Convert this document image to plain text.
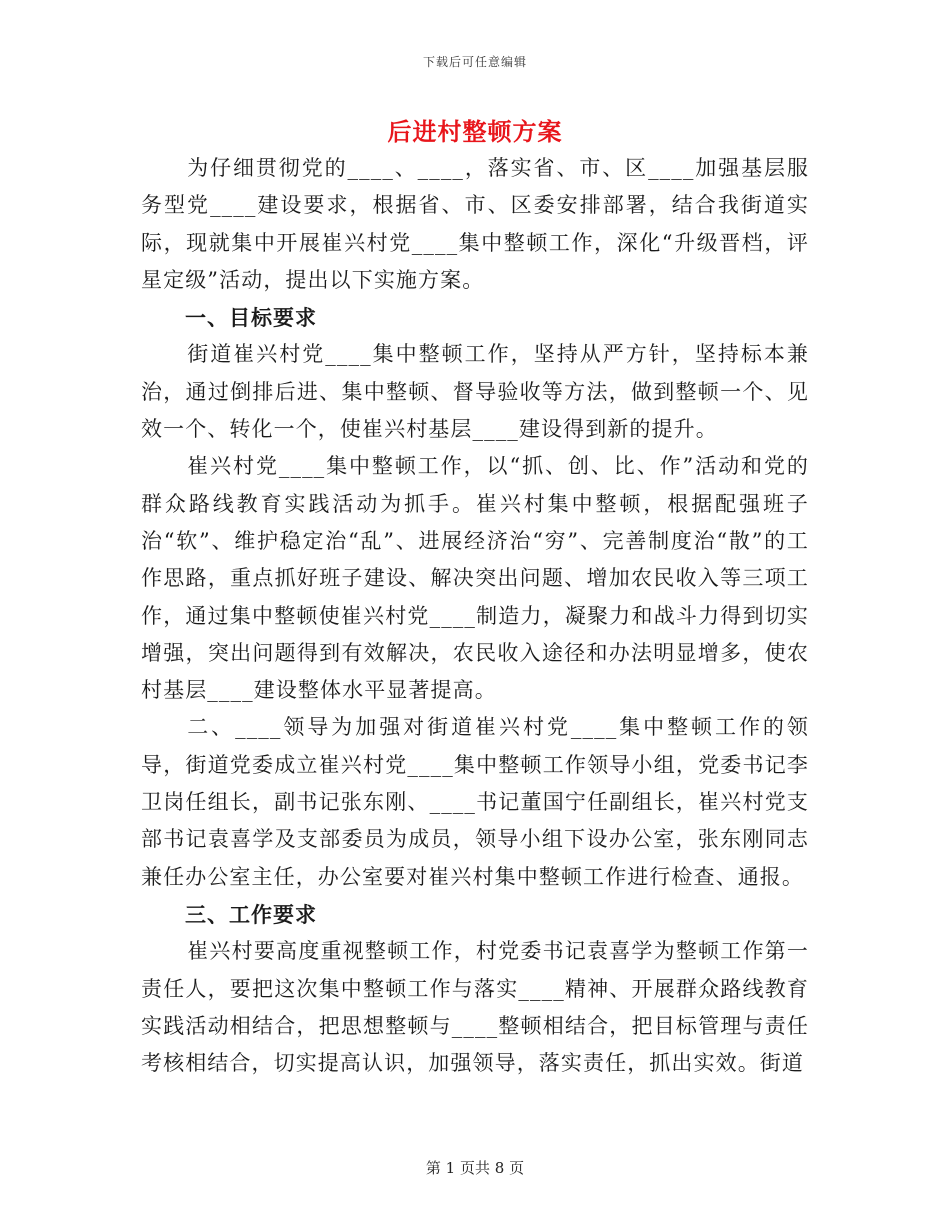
下载后可任意编辑
后进村整顿方案

为仔细贯彻党的____、____，落实省、市、区____加强基层服务型党____建设要求，根据省、市、区委安排部署，结合我街道实际，现就集中开展崔兴村党____集中整顿工作，深化“升级晋档，评星定级”活动，提出以下实施方案。

一、目标要求

街道崔兴村党____集中整顿工作，坚持从严方针，坚持标本兼治，通过倒排后进、集中整顿、督导验收等方法，做到整顿一个、见效一个、转化一个，使崔兴村基层____建设得到新的提升。

崔兴村党____集中整顿工作，以“抓、创、比、作”活动和党的群众路线教育实践活动为抓手。崔兴村集中整顿，根据配强班子治“软”、维护稳定治“乱”、进展经济治“穷”、完善制度治“散”的工作思路，重点抓好班子建设、解决突出问题、增加农民收入等三项工作，通过集中整顿使崔兴村党____制造力，凝聚力和战斗力得到切实增强，突出问题得到有效解决，农民收入途径和办法明显增多，使农村基层____建设整体水平显著提高。

二、____领导为加强对街道崔兴村党____集中整顿工作的领导，街道党委成立崔兴村党____集中整顿工作领导小组，党委书记李卫岗任组长，副书记张东刚、____书记董国宁任副组长，崔兴村党支部书记袁喜学及支部委员为成员，领导小组下设办公室，张东刚同志兼任办公室主任，办公室要对崔兴村集中整顿工作进行检查、通报。

三、工作要求

崔兴村要高度重视整顿工作，村党委书记袁喜学为整顿工作第一责任人，要把这次集中整顿工作与落实____精神、开展群众路线教育实践活动相结合，把思想整顿与____整顿相结合，把目标管理与责任考核相结合，切实提高认识，加强领导，落实责任，抓出实效。街道

第 1 页共 8 页
